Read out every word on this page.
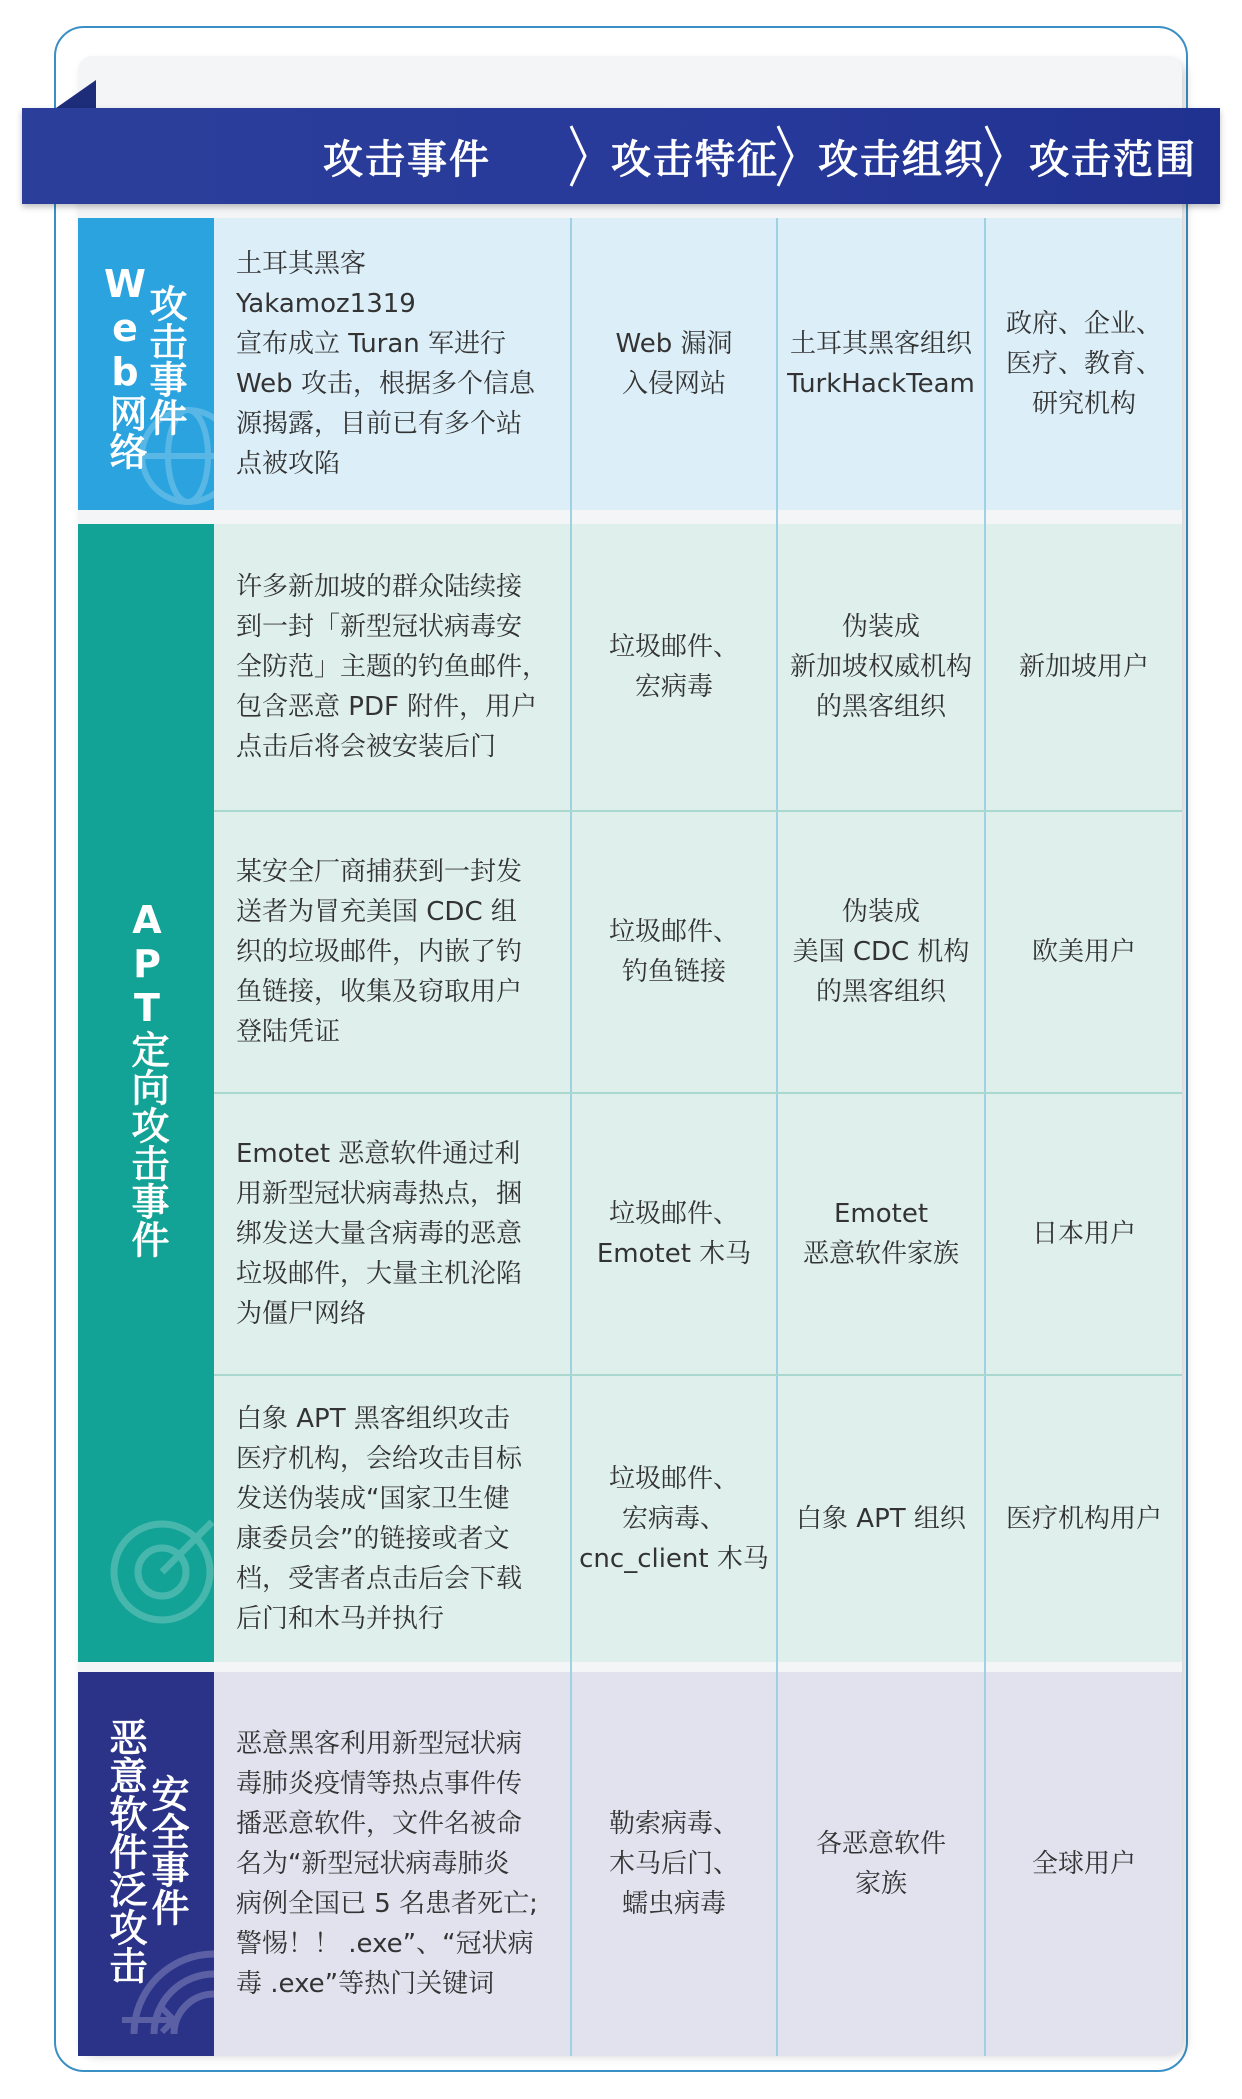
攻击事件	攻击特征 攻击组织	攻击范围
Web网络
攻击事件
APT定向攻击事件
恶意软件泛攻击
安全事件
土耳其黑客 Yakamoz1319
宣布成立 Turan 军进行
Web 攻击，根据多个信息
源揭露，目前已有多个站
点被攻陷
Web 漏洞
入侵网站
土耳其黑客组织
TurkHackTeam
政府、企业、
医疗、教育、
研究机构
许多新加坡的群众陆续接
到一封「新型冠状病毒安
全防范」主题的钓鱼邮件，
包含恶意 PDF 附件，用户
点击后将会被安装后门
垃圾邮件、
宏病毒
伪装成
新加坡权威机构
的黑客组织
新加坡用户
某安全厂商捕获到一封发
送者为冒充美国 CDC 组
织的垃圾邮件，内嵌了钓
鱼链接，收集及窃取用户
登陆凭证
垃圾邮件、
钓鱼链接
伪装成
美国 CDC 机构
的黑客组织
欧美用户
Emotet 恶意软件通过利
用新型冠状病毒热点，捆
绑发送大量含病毒的恶意
垃圾邮件，大量主机沦陷
为僵尸网络
垃圾邮件、
Emotet 木马
Emotet
恶意软件家族
日本用户
白象 APT 黑客组织攻击
医疗机构，会给攻击目标
发送伪装成“国家卫生健
康委员会”的链接或者文
档，受害者点击后会下载
后门和木马并执行
垃圾邮件、
宏病毒、
cnc_client 木马
白象 APT 组织 医疗机构用户
恶意黑客利用新型冠状病
毒肺炎疫情等热点事件传
播恶意软件，文件名被命
名为“新型冠状病毒肺炎
病例全国已 5 名患者死亡;
警惕！！ .exe”、“冠状病
毒 .exe”等热门关键词
勒索病毒、
木马后门、
蠕虫病毒
各恶意软件
家族
全球用户
